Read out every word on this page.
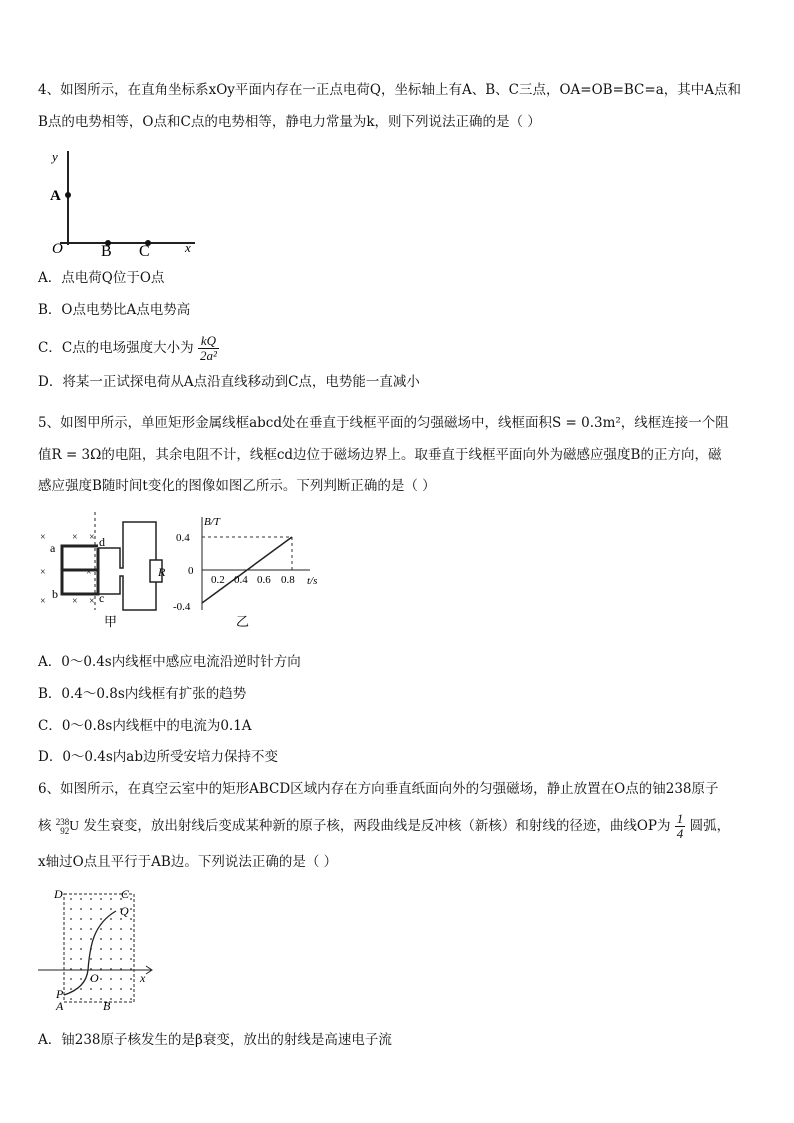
4、如图所示，在直角坐标系xOy平面内存在一正点电荷Q，坐标轴上有A、B、C三点，OA=OB=BC=a，其中A点和
B点的电势相等，O点和C点的电势相等，静电力常量为k，则下列说法正确的是（ ）
y
A
O B C	x
A．点电荷Q位于O点
B．O点电势比A点电势高
C．C点的电场强度大小为 $\frac{kQ}{\text{2a²}}$
D．将某一正试探电荷从A点沿直线移动到C点，电势能一直减小
5、如图甲所示，单匝矩形金属线框abcd处在垂直于线框平面的匀强磁场中，线框面积S = 0.3m²，线框连接一个阻
值R = 3Ω的电阻，其余电阻不计，线框cd边位于磁场边界上。取垂直于线框平面向外为磁感应强度B的正方向，磁
感应强度B随时间t变化的图像如图乙所示。下列判断正确的是（ ）
×
×
×
×
×
×
×
×
a
b	c
d
R
甲
B/T
t/s
0.4
0
-0.4
0.2 0.4 0.6 0.8
乙
A．0～0.4s内线框中感应电流沿逆时针方向
B．0.4～0.8s内线框有扩张的趋势
C．0～0.8s内线框中的电流为0.1A
D．0～0.4s内ab边所受安培力保持不变
6、如图所示，在真空云室中的矩形ABCD区域内存在方向垂直纸面向外的匀强磁场，静止放置在O点的铀238原子
核 238
92 U 发生衰变，放出射线后变成某种新的原子核，两段曲线是反冲核（新核）和射线的径迹，曲线OP为 $\frac{1}{4}$ 圆弧，
x轴过O点且平行于AB边。下列说法正确的是（ ）
D	C
Q
O	x
P
A	B
A．铀238原子核发生的是β衰变，放出的射线是高速电子流
